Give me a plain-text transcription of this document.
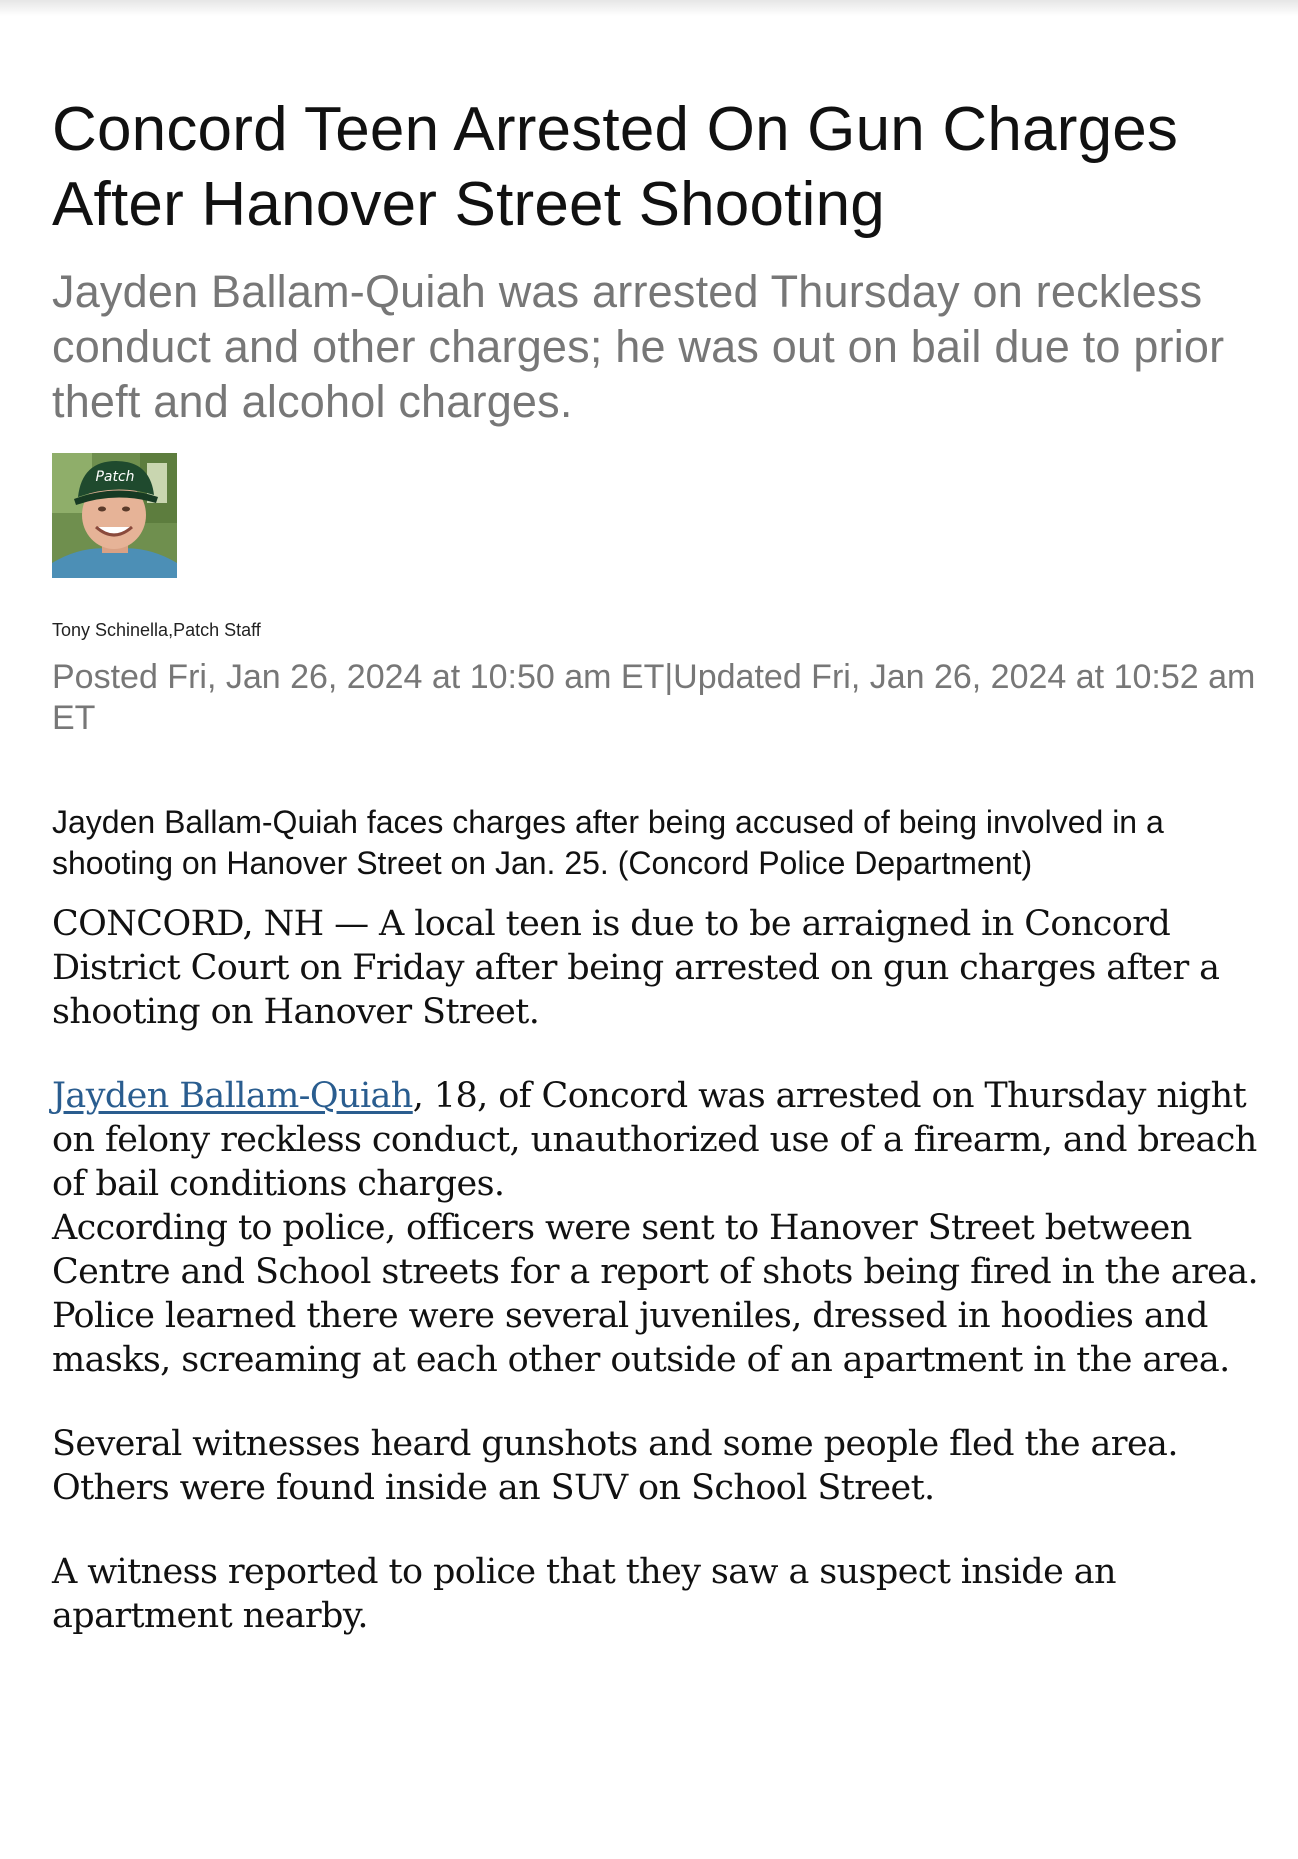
Concord Teen Arrested On Gun Charges After Hanover Street Shooting
Jayden Ballam-Quiah was arrested Thursday on reckless conduct and other charges; he was out on bail due to prior theft and alcohol charges.
Patch
Tony Schinella,Patch Staff
Posted Fri, Jan 26, 2024 at 10:50 am ET|Updated Fri, Jan 26, 2024 at 10:52 am ET
Jayden Ballam-Quiah faces charges after being accused of being involved in a shooting on Hanover Street on Jan. 25. (Concord Police Department)

CONCORD, NH — A local teen is due to be arraigned in Concord District Court on Friday after being arrested on gun charges after a shooting on Hanover Street.

Jayden Ballam-Quiah, 18, of Concord was arrested on Thursday night on felony reckless conduct, unauthorized use of a firearm, and breach of bail conditions charges.

According to police, officers were sent to Hanover Street between Centre and School streets for a report of shots being fired in the area. Police learned there were several juveniles, dressed in hoodies and masks, screaming at each other outside of an apartment in the area.

Several witnesses heard gunshots and some people fled the area. Others were found inside an SUV on School Street.

A witness reported to police that they saw a suspect inside an apartment nearby.
